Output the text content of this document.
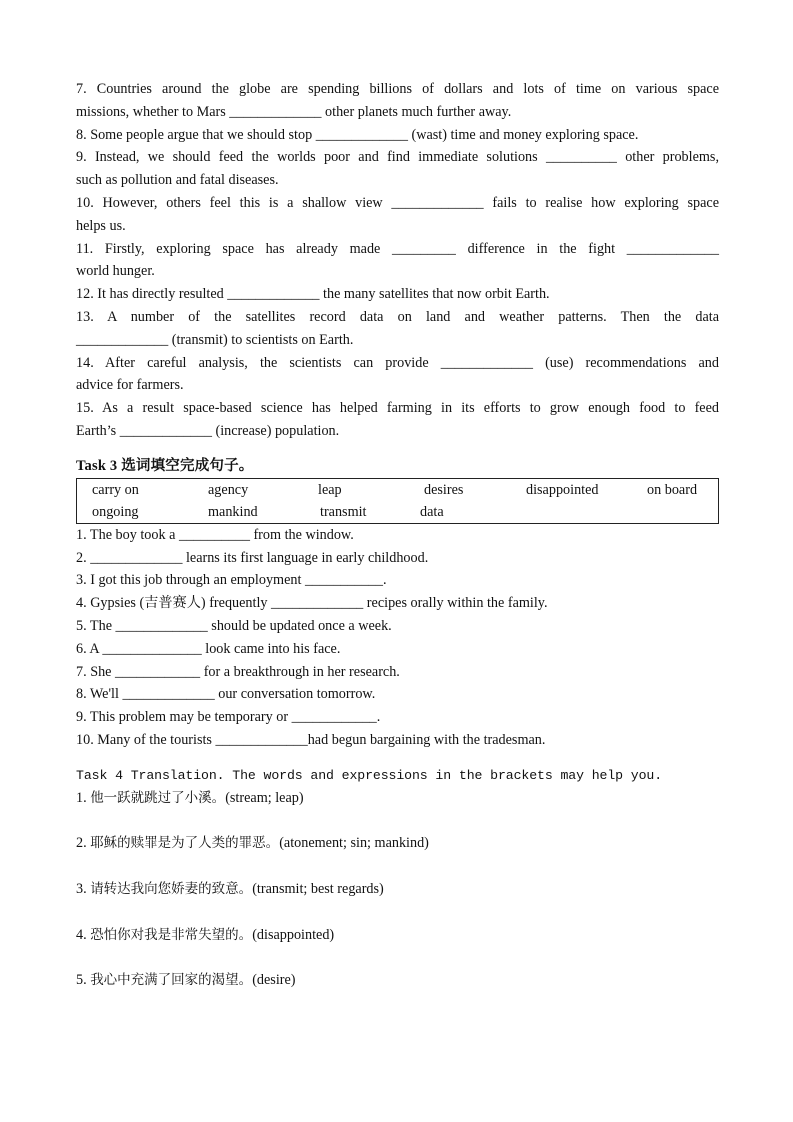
7. Countries around the globe are spending billions of dollars and lots of time on various space

missions, whether to Mars _____________ other planets much further away.

8. Some people argue that we should stop _____________ (wast) time and money exploring space.

9. Instead, we should feed the worlds poor and find immediate solutions __________ other problems,

such as pollution and fatal diseases.

10. However, others feel this is a shallow view _____________ fails to realise how exploring space

helps us.

11. Firstly, exploring space has already made _________ difference in the fight _____________

world hunger.

12. It has directly resulted _____________ the many satellites that now orbit Earth.

13. A number of the satellites record data on land and weather patterns. Then the data

_____________ (transmit) to scientists on Earth.

14. After careful analysis, the scientists can provide _____________ (use) recommendations and

advice for farmers.

15. As a result space-based science has helped farming in its efforts to grow enough food to feed

Earth’s _____________ (increase) population.

Task 3 选词填空完成句子。
carry on	agency	leap	desires	disappointed	on board
ongoing	mankind	transmit	data

1. The boy took a __________ from the window.

2. _____________ learns its first language in early childhood.

3. I got this job through an employment ___________.

4. Gypsies (吉普赛人) frequently _____________ recipes orally within the family.

5. The _____________ should be updated once a week.

6. A ______________ look came into his face.

7. She ____________ for a breakthrough in her research.

8. We'll _____________ our conversation tomorrow.

9. This problem may be temporary or ____________.

10. Many of the tourists _____________had begun bargaining with the tradesman.

Task 4 Translation. The words and expressions in the brackets may help you.
1. 他一跃就跳过了小溪。(stream; leap)
2. 耶稣的赎罪是为了人类的罪恶。(atonement; sin; mankind)
3. 请转达我向您娇妻的致意。(transmit; best regards)
4. 恐怕你对我是非常失望的。(disappointed)
5. 我心中充满了回家的渴望。(desire)
